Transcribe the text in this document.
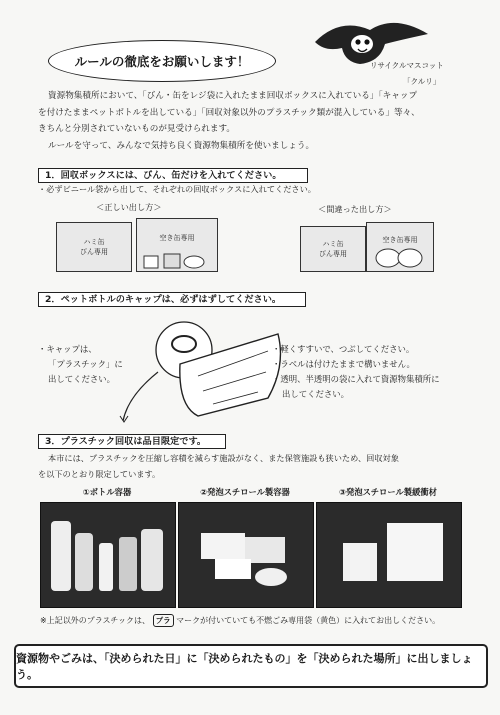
ルールの徹底をお願いします！	リサイクルマスコット
「クルリ」
資源物集積所において、「びん・缶をレジ袋に入れたまま回収ボックスに入れている」「キャップ
を付けたままペットボトルを出している」「回収対象以外のプラスチック類が混入している」等々、
きちんと分別されていないものが見受けられます。
ルールを守って、みんなで気持ち良く資源物集積所を使いましょう。
1．回収ボックスには、びん、缶だけを入れてください。
・必ずビニール袋から出して、それぞれの回収ボックスに入れてください。
＜正しい出し方＞	＜間違った出し方＞
ハミ缶
びん専用
空き缶専用
ハミ缶
びん専用
空き缶専用
2．ペットボトルのキャップは、必ずはずしてください。
・キャップは、
「プラスチック」に
出してください。
・軽くすすいで、つぶしてください。
・ラベルは付けたままで構いません。
・透明、半透明の袋に入れて資源物集積所に
出してください。
3．プラスチック回収は品目限定です。
本市には、プラスチックを圧縮し容積を減らす施設がなく、また保管施設も狭いため、回収対象
を以下のとおり限定しています。
①ボトル容器	②発泡スチロール製容器	③発泡スチロール製緩衝材
※上記以外のプラスチックは、 プラ マークが付いていても不燃ごみ専用袋（黄色）に入れてお出しください。
資源物やごみは、「決められた日」に「決められたもの」を「決められた場所」に出しましょう。
